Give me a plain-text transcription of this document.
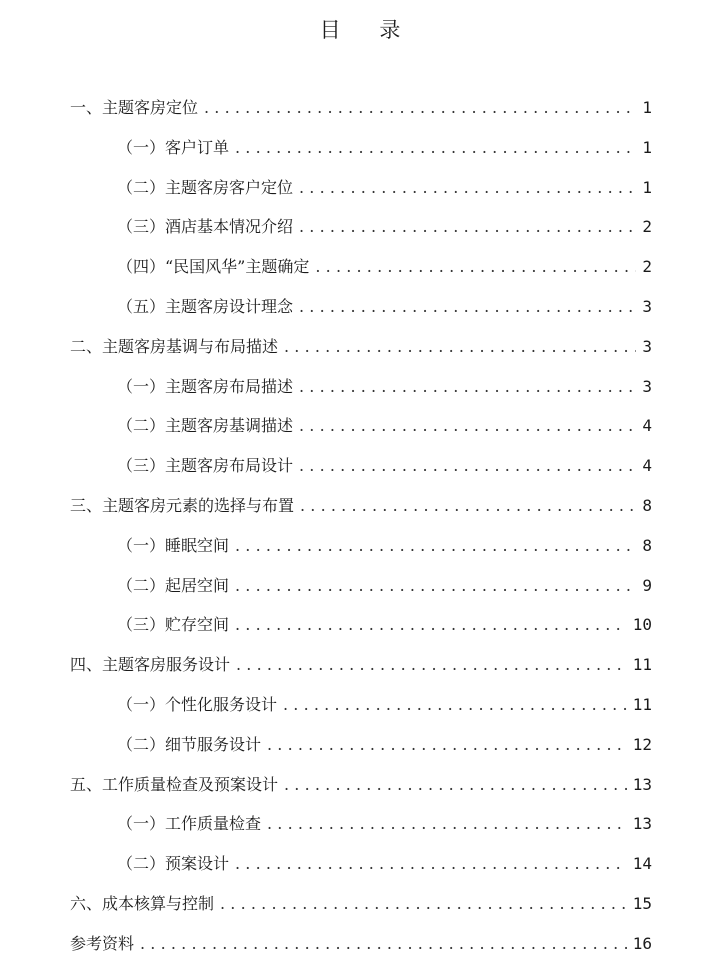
目 录
一、主题客房定位 .....	1
（一）客户订单 .....	1
（二）主题客房客户定位 .....	1
（三）酒店基本情况介绍 .....	2
（四）“民国风华”主题确定 .....	2
（五）主题客房设计理念 .....	3
二、主题客房基调与布局描述 .....	3
（一）主题客房布局描述 .....	3
（二）主题客房基调描述 .....	4
（三）主题客房布局设计 .....	4
三、主题客房元素的选择与布置 .....	8
（一）睡眠空间 .....	8
（二）起居空间 .....	9
（三）贮存空间 .....	10
四、主题客房服务设计 .....	11
（一）个性化服务设计 .....	11
（二）细节服务设计 .....	12
五、工作质量检查及预案设计 .....	13
（一）工作质量检查 .....	13
（二）预案设计 .....	14
六、成本核算与控制 .....	15
参考资料 .....	16
